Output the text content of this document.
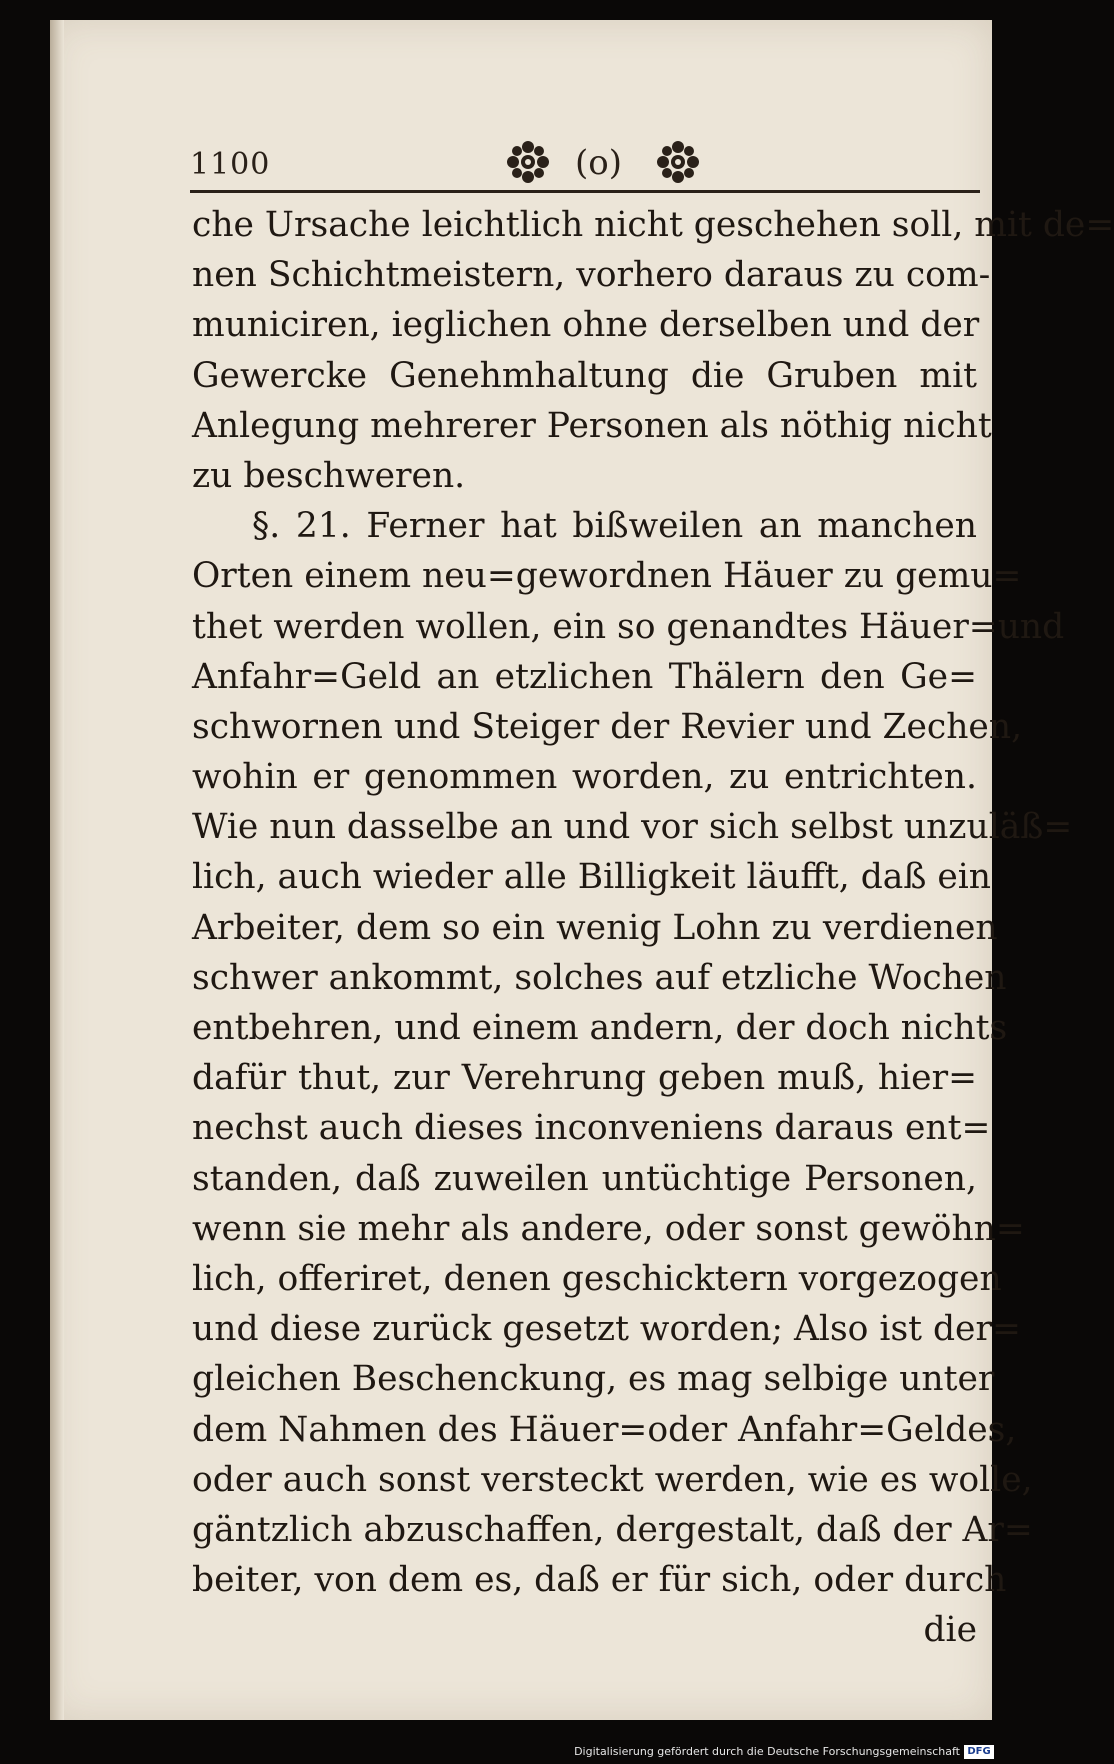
1100	(o)
che Ursache leichtlich nicht geschehen soll, mit de=
nen Schichtmeistern, vorhero daraus zu com-
municiren, ieglichen ohne derselben und der
Gewercke Genehmhaltung die Gruben mit
Anlegung mehrerer Personen als nöthig nicht
zu beschweren.
§. 21. Ferner hat bißweilen an manchen
Orten einem neu=gewordnen Häuer zu gemu=
thet werden wollen, ein so genandtes Häuer=und
Anfahr=Geld an etzlichen Thälern den Ge=
schwornen und Steiger der Revier und Zechen,
wohin er genommen worden, zu entrichten.
Wie nun dasselbe an und vor sich selbst unzuläß=
lich, auch wieder alle Billigkeit läufft, daß ein
Arbeiter, dem so ein wenig Lohn zu verdienen
schwer ankommt, solches auf etzliche Wochen
entbehren, und einem andern, der doch nichts
dafür thut, zur Verehrung geben muß, hier=
nechst auch dieses inconveniens daraus ent=
standen, daß zuweilen untüchtige Personen,
wenn sie mehr als andere, oder sonst gewöhn=
lich, offeriret, denen geschicktern vorgezogen
und diese zurück gesetzt worden; Also ist der=
gleichen Beschenckung, es mag selbige unter
dem Nahmen des Häuer=oder Anfahr=Geldes,
oder auch sonst versteckt werden, wie es wolle,
gäntzlich abzuschaffen, dergestalt, daß der Ar=
beiter, von dem es, daß er für sich, oder durch
die
Digitalisierung gefördert durch die Deutsche Forschungsgemeinschaft DFG
